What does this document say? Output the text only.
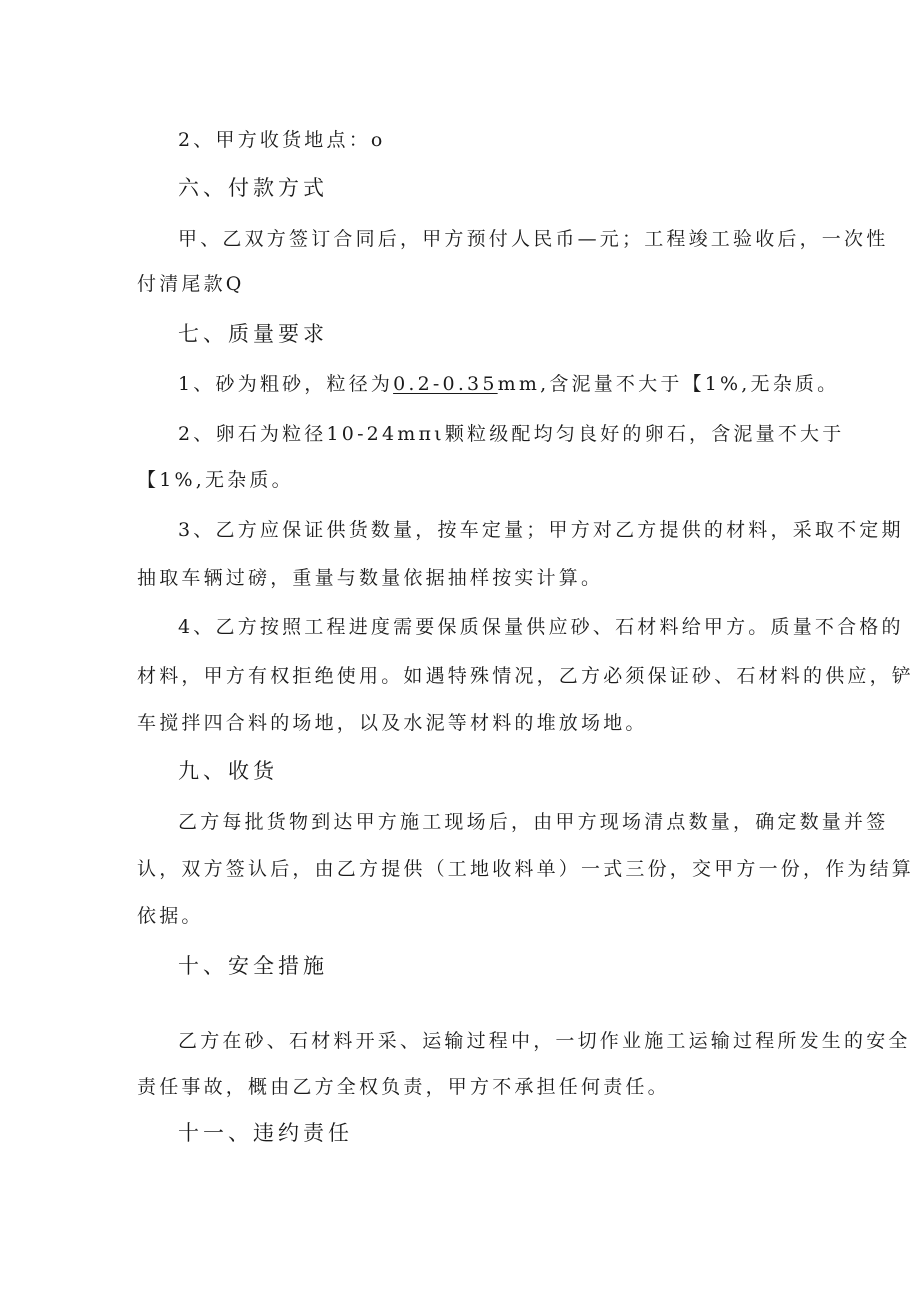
2、甲方收货地点：o
六、付款方式
甲、乙双方签订合同后，甲方预付人民币—元；工程竣工验收后，一次性
付清尾款Q
七、质量要求
1、砂为粗砂，粒径为0.2-0.35mm,含泥量不大于【1%,无杂质。
2、卵石为粒径10-24mπι颗粒级配均匀良好的卵石，含泥量不大于
【1%,无杂质。
3、乙方应保证供货数量，按车定量；甲方对乙方提供的材料，采取不定期
抽取车辆过磅，重量与数量依据抽样按实计算。
4、乙方按照工程进度需要保质保量供应砂、石材料给甲方。质量不合格的
材料，甲方有权拒绝使用。如遇特殊情况，乙方必须保证砂、石材料的供应，铲
车搅拌四合料的场地，以及水泥等材料的堆放场地。
九、收货
乙方每批货物到达甲方施工现场后，由甲方现场清点数量，确定数量并签
认，双方签认后，由乙方提供（工地收料单）一式三份，交甲方一份，作为结算
依据。
十、安全措施
乙方在砂、石材料开采、运输过程中，一切作业施工运输过程所发生的安全
责任事故，概由乙方全权负责，甲方不承担任何责任。
十一、违约责任
